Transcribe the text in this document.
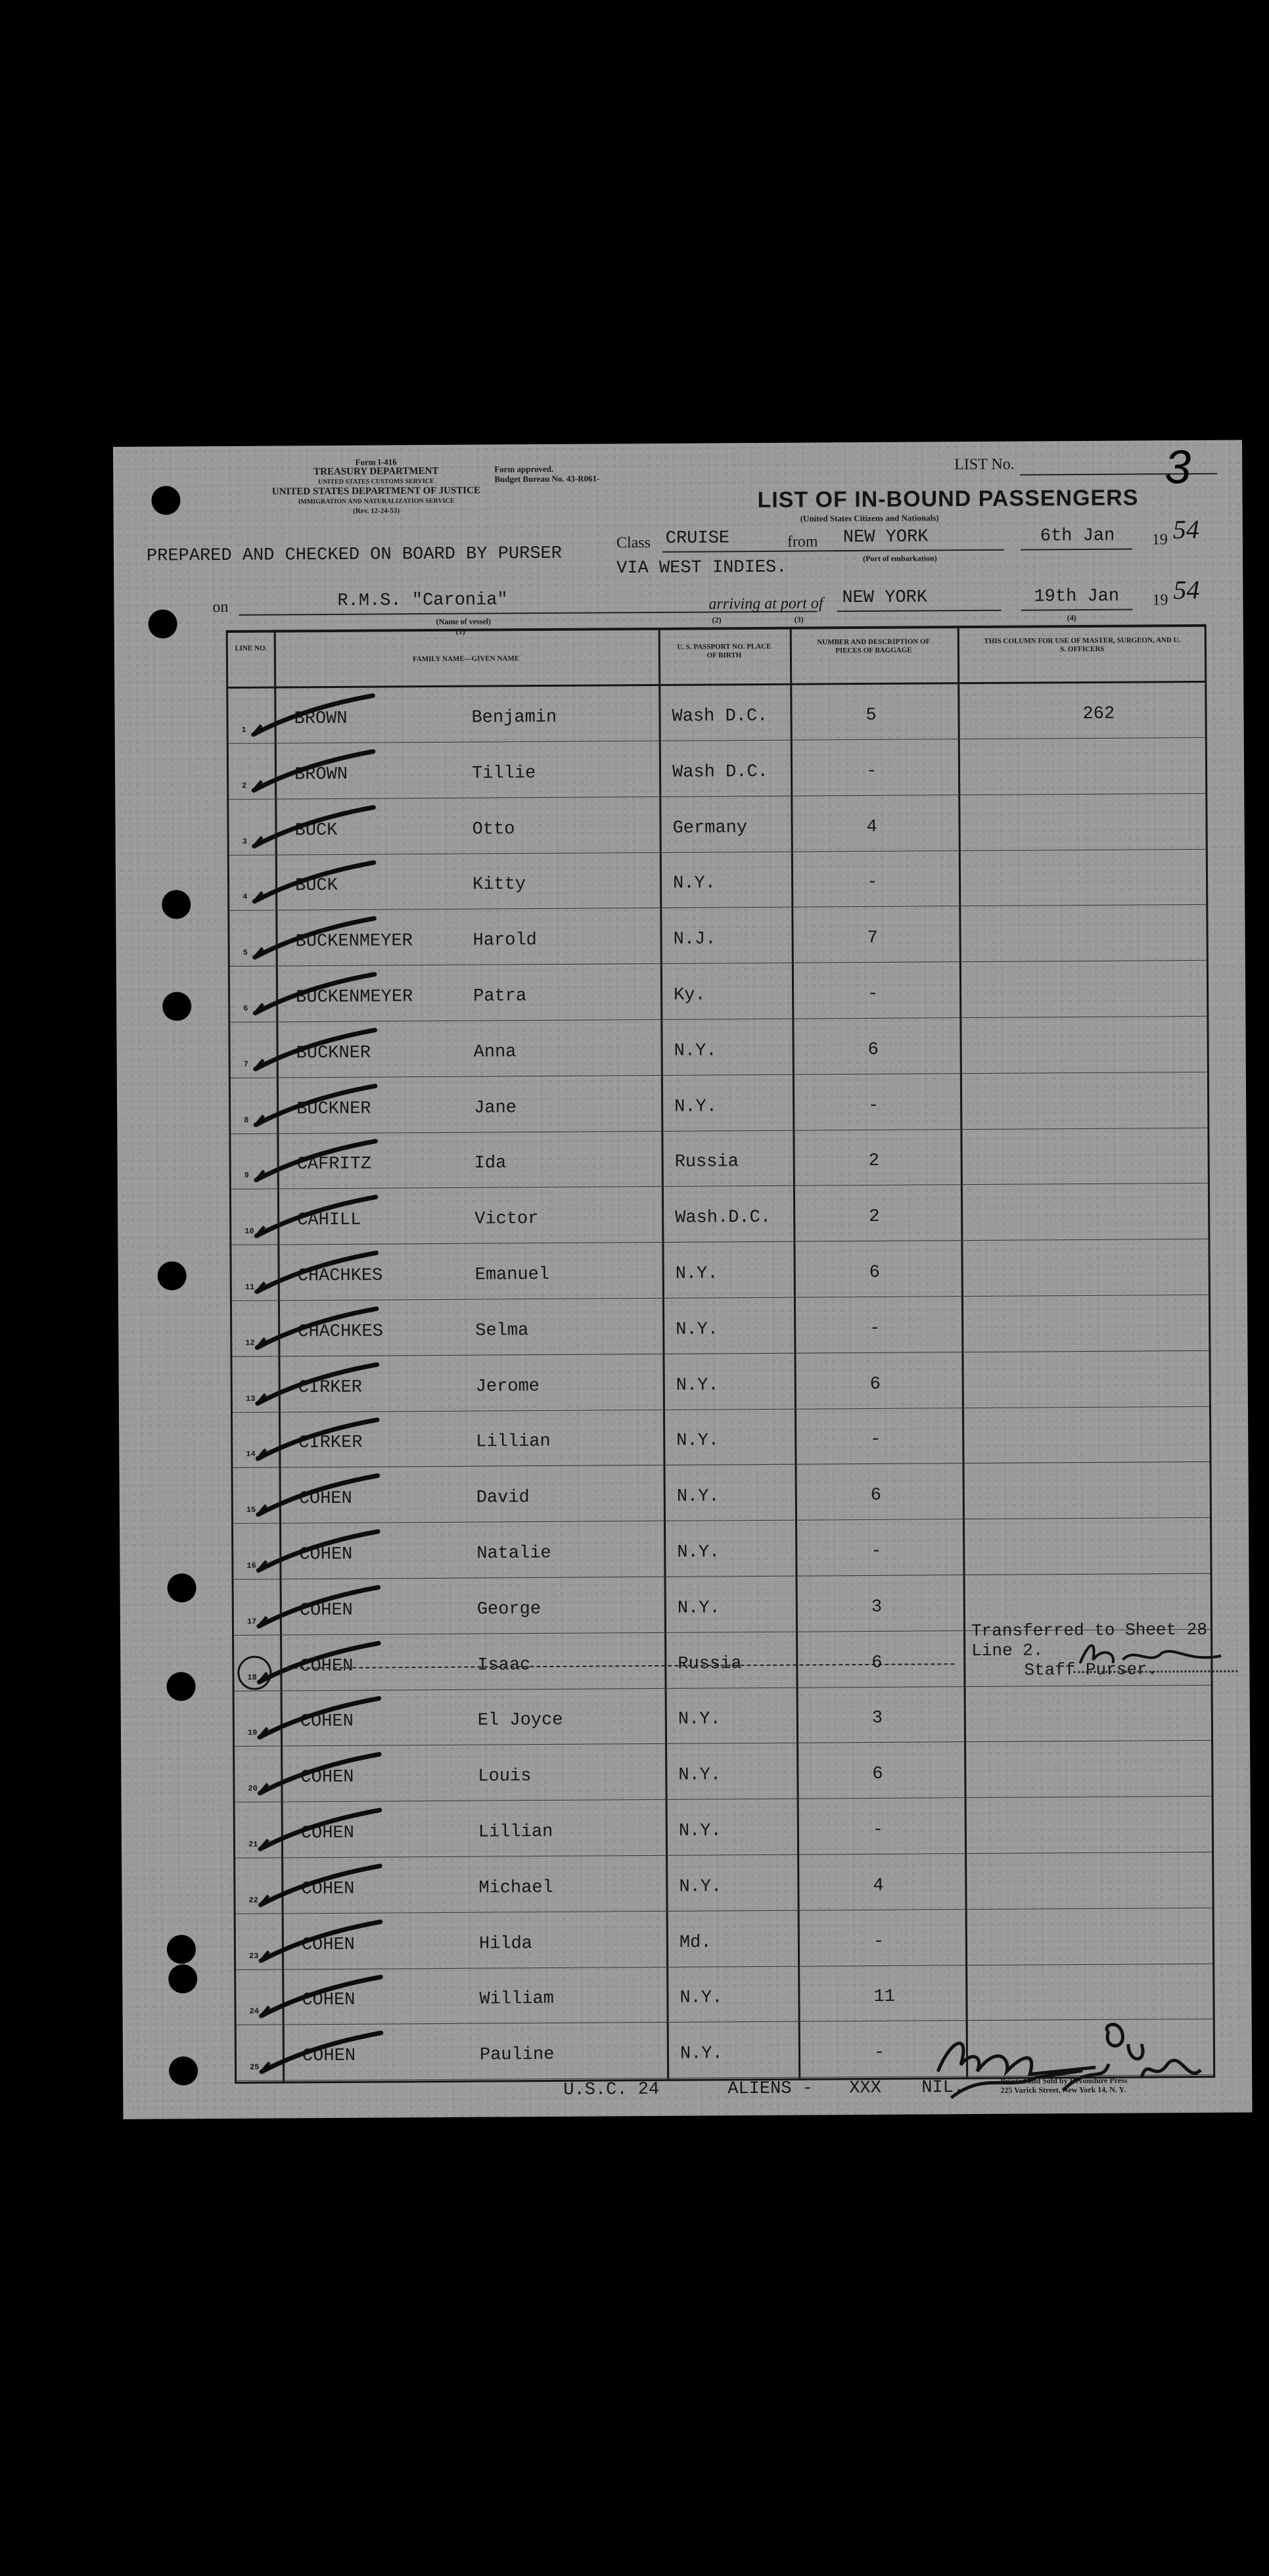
Form I-416
TREASURY DEPARTMENT
UNITED STATES CUSTOMS SERVICE
UNITED STATES DEPARTMENT OF JUSTICE
IMMIGRATION AND NATURALIZATION SERVICE
(Rev. 12-24-53)
Form approved.
Budget Bureau No. 43-R061-
LIST No.	3
LIST OF IN-BOUND PASSENGERS
(United States Citizens and Nationals)
PREPARED AND CHECKED ON BOARD BY PURSER
Class CRUISE	from NEW YORK
(Port of embarkation)
6th Jan 19 54
VIA WEST INDIES.
on	R.M.S. "Caronia"
(Name of vessel)
(1)
arriving at port of NEW YORK	19th Jan 19 54
(2)	(3)	(4)
LINE NO.
FAMILY NAME—GIVEN NAME
U. S. PASSPORT NO. PLACE OF BIRTH
NUMBER AND DESCRIPTION OF PIECES OF BAGGAGE
THIS COLUMN FOR USE OF MASTER, SURGEON, AND U. S. OFFICERS
1
BROWN	Benjamin	Wash D.C.	5	262
2
BROWN	Tillie	Wash D.C.	-
3
BUCK	Otto	Germany	4
4
BUCK	Kitty	N.Y.	-
5
BUCKENMEYER	Harold	N.J.	7
6
BUCKENMEYER	Patra	Ky.	-
7
BUCKNER	Anna	N.Y.	6
8
BUCKNER	Jane	N.Y.	-
9
CAFRITZ	Ida	Russia	2
10
CAHILL	Victor	Wash.D.C.	2
11
CHACHKES	Emanuel	N.Y.	6
12
CHACHKES	Selma	N.Y.	-
13
CIRKER	Jerome	N.Y.	6
14
CIRKER	Lillian	N.Y.	-
15
COHEN	David	N.Y.	6
16
COHEN	Natalie	N.Y.	-
17
COHEN	George	N.Y.	3
18
COHEN	Isaac	Russia	6
19
COHEN	El Joyce	N.Y.	3
20
COHEN	Louis	N.Y.	6
21
COHEN	Lillian	N.Y.	-
22
COHEN	Michael	N.Y.	4
23
COHEN	Hilda	Md.	-
24
COHEN	William	N.Y.	11
25
COHEN	Pauline	N.Y.	-
Transferred to Sheet 28
Line 2.
Staff Purser.
U.S.C. 24	ALIENS - XXX NIL.	Printed and Sold by Devonshire Press
225 Varick Street, New York 14, N. Y.
